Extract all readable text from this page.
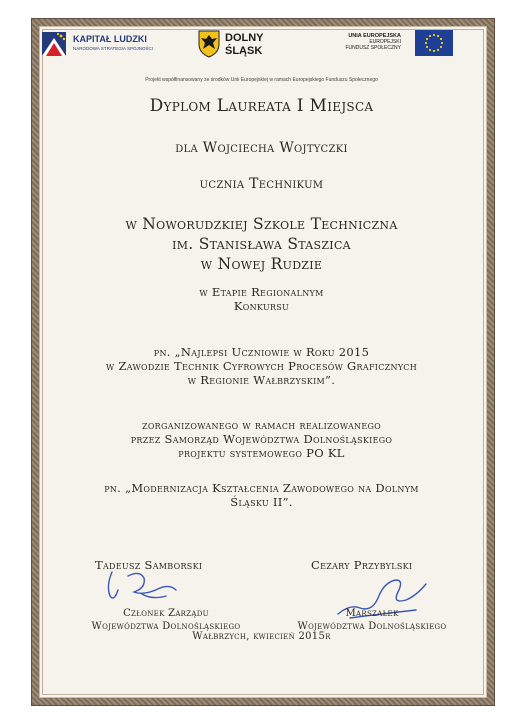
KAPITAŁ LUDZKI
NARODOWA STRATEGIA SPÓJNOŚCI
DOLNY
ŚLĄSK
UNIA EUROPEJSKA
EUROPEJSKI
FUNDUSZ SPOŁECZNY
Projekt współfinansowany ze środków Unii Europejskiej w ramach Europejskiego Funduszu Społecznego
Dyplom Laureata I Miejsca
dla Wojciecha Wojtyczki
ucznia Technikum
w Noworudzkiej Szkole Techniczna
im. Stanisława Staszica
w Nowej Rudzie
w Etapie Regionalnym
Konkursu
pn. „Najlepsi Uczniowie w Roku 2015
w Zawodzie Technik Cyfrowych Procesów Graficznych
w Regionie Wałbrzyskim”.
zorganizowanego w ramach realizowanego
przez Samorząd Województwa Dolnośląskiego
projektu systemowego PO KL
pn. „Modernizacja Kształcenia Zawodowego na Dolnym
Śląsku II”.
Tadeusz Samborski	Cezary Przybylski
Członek Zarządu
Województwa Dolnośląskiego
Marszałek
Województwa Dolnośląskiego
Wałbrzych, kwiecień 2015r
